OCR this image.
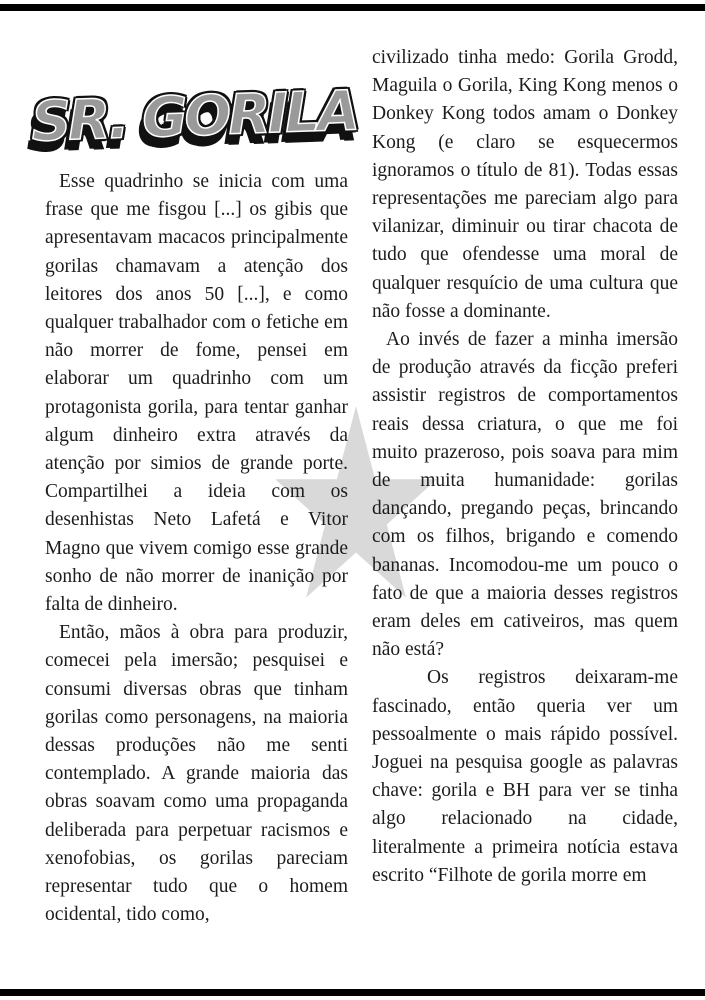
SR. GORILA

Esse quadrinho se inicia com uma frase que me fisgou [...] os gibis que apresentavam macacos principalmente gorilas chamavam a atenção dos leitores dos anos 50 [...], e como qualquer trabalhador com o fetiche em não morrer de fome, pensei em elaborar um quadrinho com um protagonista gorila, para tentar ganhar algum dinheiro extra através da atenção por simios de grande porte. Compartilhei a ideia com os desenhistas Neto Lafetá e Vitor Magno que vivem comigo esse grande sonho de não morrer de inanição por falta de dinheiro.

Então, mãos à obra para produzir, comecei pela imersão; pesquisei e consumi diversas obras que tinham gorilas como personagens, na maioria dessas produções não me senti contemplado. A grande maioria das obras soavam como uma propaganda deliberada para perpetuar racismos e xenofobias, os gorilas pareciam representar tudo que o homem ocidental, tido como,

civilizado tinha medo: Gorila Grodd, Maguila o Gorila, King Kong menos o Donkey Kong todos amam o Donkey Kong (e claro se esquecermos ignoramos o título de 81). Todas essas representações me pareciam algo para vilanizar, diminuir ou tirar chacota de tudo que ofendesse uma moral de qualquer resquício de uma cultura que não fosse a dominante.

Ao invés de fazer a minha imersão de produção através da ficção preferi assistir registros de comportamentos reais dessa criatura, o que me foi muito prazeroso, pois soava para mim de muita humanidade: gorilas dançando, pregando peças, brincando com os filhos, brigando e comendo bananas. Incomodou-me um pouco o fato de que a maioria desses registros eram deles em cativeiros, mas quem não está?

Os registros deixaram-me fascinado, então queria ver um pessoalmente o mais rápido possível. Joguei na pesquisa google as palavras chave: gorila e BH para ver se tinha algo relacionado na cidade, literalmente a primeira notícia estava escrito “Filhote de gorila morre em
